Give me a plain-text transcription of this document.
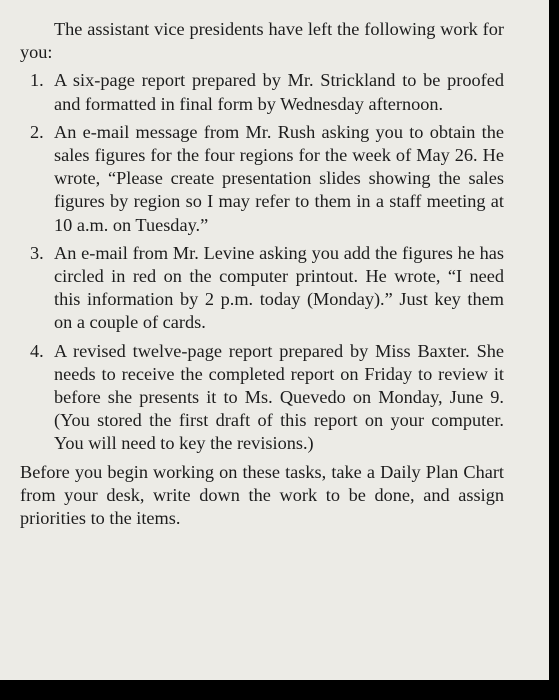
The assistant vice presidents have left the following work for you:

1. A six-page report prepared by Mr. Strickland to be proofed and formatted in final form by Wednesday afternoon.
2. An e-mail message from Mr. Rush asking you to obtain the sales figures for the four regions for the week of May 26. He wrote, “Please create presentation slides showing the sales figures by region so I may refer to them in a staff meeting at 10 a.m. on Tuesday.”
3. An e-mail from Mr. Levine asking you add the figures he has circled in red on the computer printout. He wrote, “I need this information by 2 p.m. today (Monday).” Just key them on a couple of cards.
4. A revised twelve-page report prepared by Miss Baxter. She needs to receive the completed report on Friday to review it before she presents it to Ms. Quevedo on Monday, June 9. (You stored the first draft of this report on your computer. You will need to key the revisions.)

Before you begin working on these tasks, take a Daily Plan Chart from your desk, write down the work to be done, and assign priorities to the items.
